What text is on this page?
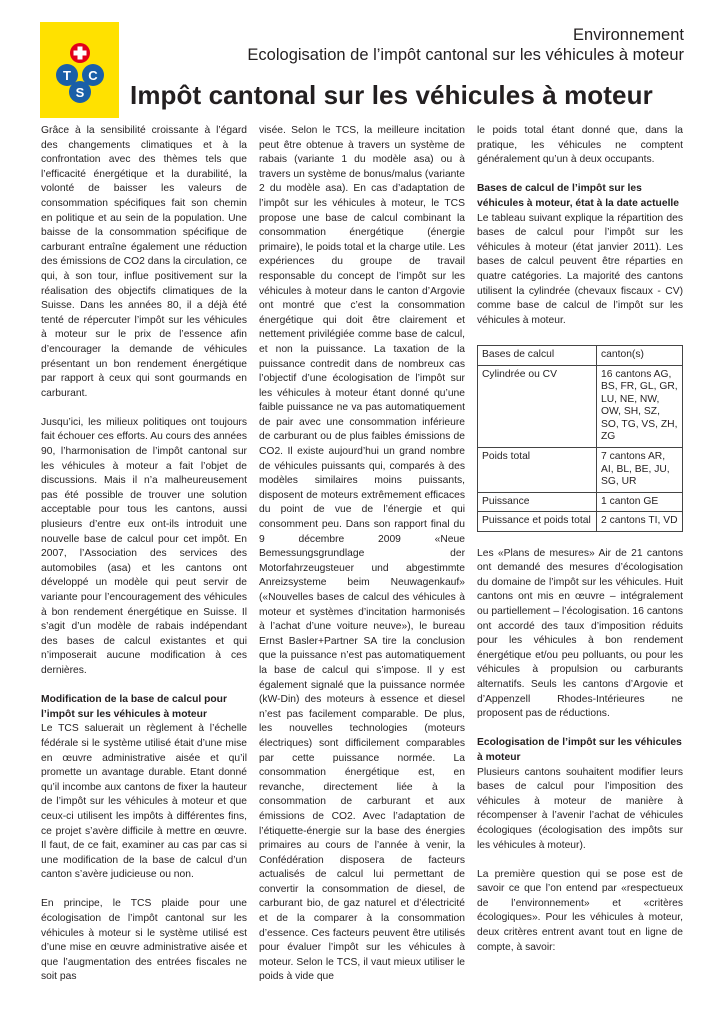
T C
S
Environnement
Ecologisation de l’impôt cantonal sur les véhicules à moteur
Impôt cantonal sur les véhicules à moteur

Grâce à la sensibilité croissante à l’égard des changements climatiques et à la confrontation avec des thèmes tels que l’efficacité énergétique et la durabilité, la volonté de baisser les valeurs de consommation spécifiques fait son chemin en politique et au sein de la population. Une baisse de la consommation spécifique de carburant entraîne également une réduction des émissions de CO2 dans la circulation, ce qui, à son tour, influe positivement sur la réalisation des objectifs climatiques de la Suisse. Dans les années 80, il a déjà été tenté de répercuter l’impôt sur les véhicules à moteur sur le prix de l’essence afin d’encourager la demande de véhicules présentant un bon rendement énergétique par rapport à ceux qui sont gourmands en carburant.

Jusqu’ici, les milieux politiques ont toujours fait échouer ces efforts. Au cours des années 90, l’harmonisation de l’impôt cantonal sur les véhicules à moteur a fait l’objet de discussions. Mais il n’a malheureusement pas été possible de trouver une solution acceptable pour tous les cantons, aussi plusieurs d’entre eux ont-ils introduit une nouvelle base de calcul pour cet impôt. En 2007, l’Association des services des automobiles (asa) et les cantons ont développé un modèle qui peut servir de variante pour l’encouragement des véhicules à bon rendement énergétique en Suisse. Il s’agit d’un modèle de rabais indépendant des bases de calcul existantes et qui n’imposerait aucune modification à ces dernières.

Modification de la base de calcul pour l’impôt sur les véhicules à moteur

Le TCS saluerait un règlement à l’échelle fédérale si le système utilisé était d’une mise en œuvre administrative aisée et qu’il promette un avantage durable. Etant donné qu’il incombe aux cantons de fixer la hauteur de l’impôt sur les véhicules à moteur et que ceux-ci utilisent les impôts à différentes fins, ce projet s’avère difficile à mettre en œuvre. Il faut, de ce fait, examiner au cas par cas si une modification de la base de calcul d’un canton s’avère judicieuse ou non.

En principe, le TCS plaide pour une écologisation de l’impôt cantonal sur les véhicules à moteur si le système utilisé est d’une mise en œuvre administrative aisée et que l’augmentation des entrées fiscales ne soit pas

visée. Selon le TCS, la meilleure incitation peut être obtenue à travers un système de rabais (variante 1 du modèle asa) ou à travers un système de bonus/malus (variante 2 du modèle asa). En cas d’adaptation de l’impôt sur les véhicules à moteur, le TCS propose une base de calcul combinant la consommation énergétique (énergie primaire), le poids total et la charge utile. Les expériences du groupe de travail responsable du concept de l’impôt sur les véhicules à moteur dans le canton d’Argovie ont montré que c’est la consommation énergétique qui doit être clairement et nettement privilégiée comme base de calcul, et non la puissance. La taxation de la puissance contredit dans de nombreux cas l’objectif d’une écologisation de l’impôt sur les véhicules à moteur étant donné qu’une faible puissance ne va pas automatiquement de pair avec une consommation inférieure de carburant ou de plus faibles émissions de CO2. Il existe aujourd’hui un grand nombre de véhicules puissants qui, comparés à des modèles similaires moins puissants, disposent de moteurs extrêmement efficaces du point de vue de l’énergie et qui consomment peu. Dans son rapport final du 9 décembre 2009 «Neue Bemessungsgrundlage der Motorfahrzeugsteuer und abgestimmte Anreizsysteme beim Neuwagenkauf» («Nouvelles bases de calcul des véhicules à moteur et systèmes d’incitation harmonisés à l’achat d’une voiture neuve»), le bureau Ernst Basler+Partner SA tire la conclusion que la puissance n’est pas automatiquement la base de calcul qui s’impose. Il y est également signalé que la puissance normée (kW-Din) des moteurs à essence et diesel n’est pas facilement comparable. De plus, les nouvelles technologies (moteurs électriques) sont difficilement comparables par cette puissance normée. La consommation énergétique est, en revanche, directement liée à la consommation de carburant et aux émissions de CO2. Avec l’adaptation de l’étiquette-énergie sur la base des énergies primaires au cours de l’année à venir, la Confédération disposera de facteurs actualisés de calcul lui permettant de convertir la consommation de diesel, de carburant bio, de gaz naturel et d’électricité et de la comparer à la consommation d’essence. Ces facteurs peuvent être utilisés pour évaluer l’impôt sur les véhicules à moteur. Selon le TCS, il vaut mieux utiliser le poids à vide que

le poids total étant donné que, dans la pratique, les véhicules ne comptent généralement qu’un à deux occupants.

Bases de calcul de l’impôt sur les véhicules à moteur, état à la date actuelle

Le tableau suivant explique la répartition des bases de calcul pour l’impôt sur les véhicules à moteur (état janvier 2011). Les bases de calcul peuvent être réparties en quatre catégories. La majorité des cantons utilisent la cylindrée (chevaux fiscaux - CV) comme base de calcul de l’impôt sur les véhicules à moteur.

Bases de calcul	canton(s)
Cylindrée ou CV	16 cantons AG, BS, FR, GL, GR, LU, NE, NW, OW, SH, SZ, SO, TG, VS, ZH, ZG
Poids total	7 cantons AR, AI, BL, BE, JU, SG, UR
Puissance	1 canton GE
Puissance et poids total	2 cantons TI, VD

Les «Plans de mesures» Air de 21 cantons ont demandé des mesures d’écologisation du domaine de l’impôt sur les véhicules. Huit cantons ont mis en œuvre – intégralement ou partiellement – l’écologisation. 16 cantons ont accordé des taux d’imposition réduits pour les véhicules à bon rendement énergétique et/ou peu polluants, ou pour les véhicules à propulsion ou carburants alternatifs. Seuls les cantons d’Argovie et d’Appenzell Rhodes-Intérieures ne proposent pas de réductions.

Ecologisation de l’impôt sur les véhicules à moteur

Plusieurs cantons souhaitent modifier leurs bases de calcul pour l’imposition des véhicules à moteur de manière à récompenser à l’avenir l’achat de véhicules écologiques (écologisation des impôts sur les véhicules à moteur).

La première question qui se pose est de savoir ce que l’on entend par «respectueux de l’environnement» et «critères écologiques». Pour les véhicules à moteur, deux critères entrent avant tout en ligne de compte, à savoir:
